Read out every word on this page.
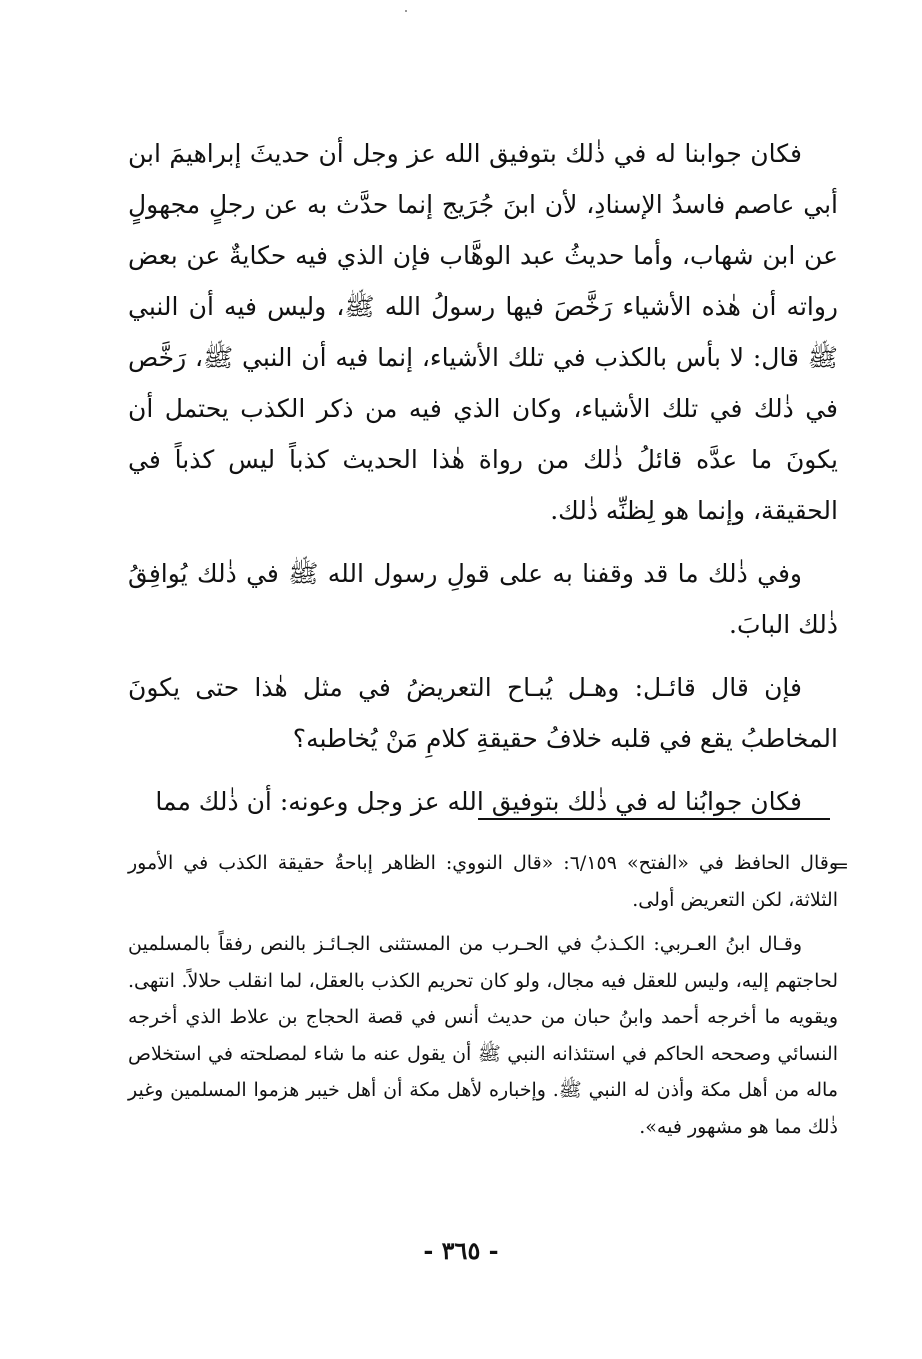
فكان جوابنا له في ذٰلك بتوفيق الله عز وجل أن حديثَ إبراهيمَ ابن أبي عاصم فاسدُ الإسنادِ، لأن ابنَ جُرَيج إنما حدَّث به عن رجلٍ مجهولٍ عن ابن شهاب، وأما حديثُ عبد الوهَّاب فإن الذي فيه حكايةٌ عن بعض رواته أن هٰذه الأشياء رَخَّصَ فيها رسولُ الله ﷺ، وليس فيه أن النبي ﷺ قال: لا بأس بالكذب في تلك الأشياء، إنما فيه أن النبي ﷺ، رَخَّص في ذٰلك في تلك الأشياء، وكان الذي فيه من ذكر الكذب يحتمل أن يكونَ ما عدَّه قائلُ ذٰلك من رواة هٰذا الحديث كذباً ليس كذباً في الحقيقة، وإنما هو لِظنِّه ذٰلك.

وفي ذٰلك ما قد وقفنا به على قولِ رسول الله ﷺ في ذٰلك يُوافِقُ ذٰلك البابَ.

فإن قال قائـل: وهـل يُبـاح التعريضُ في مثل هٰذا حتى يكونَ المخاطبُ يقع في قلبه خلافُ حقيقةِ كلامِ مَنْ يُخاطبه؟

فكان جوابُنا له في ذٰلك بتوفيق الله عز وجل وعونه: أن ذٰلك مما

=

وقال الحافظ في «الفتح» ٦/١٥٩: «قال النووي: الظاهر إباحةُ حقيقة الكذب في الأمور الثلاثة، لكن التعريض أولى.

وقـال ابنُ العـربي: الكـذبُ في الحـرب من المستثنى الجـائـز بالنص رفقاً بالمسلمين لحاجتهم إليه، وليس للعقل فيه مجال، ولو كان تحريم الكذب بالعقل، لما انقلب حلالاً. انتهى. ويقويه ما أخرجه أحمد وابنُ حبان من حديث أنس في قصة الحجاج بن علاط الذي أخرجه النسائي وصححه الحاكم في استئذانه النبي ﷺ أن يقول عنه ما شاء لمصلحته في استخلاص ماله من أهل مكة وأذن له النبي ﷺ. وإخباره لأهل مكة أن أهل خيبر هزموا المسلمين وغير ذٰلك مما هو مشهور فيه».

- ٣٦٥ -
